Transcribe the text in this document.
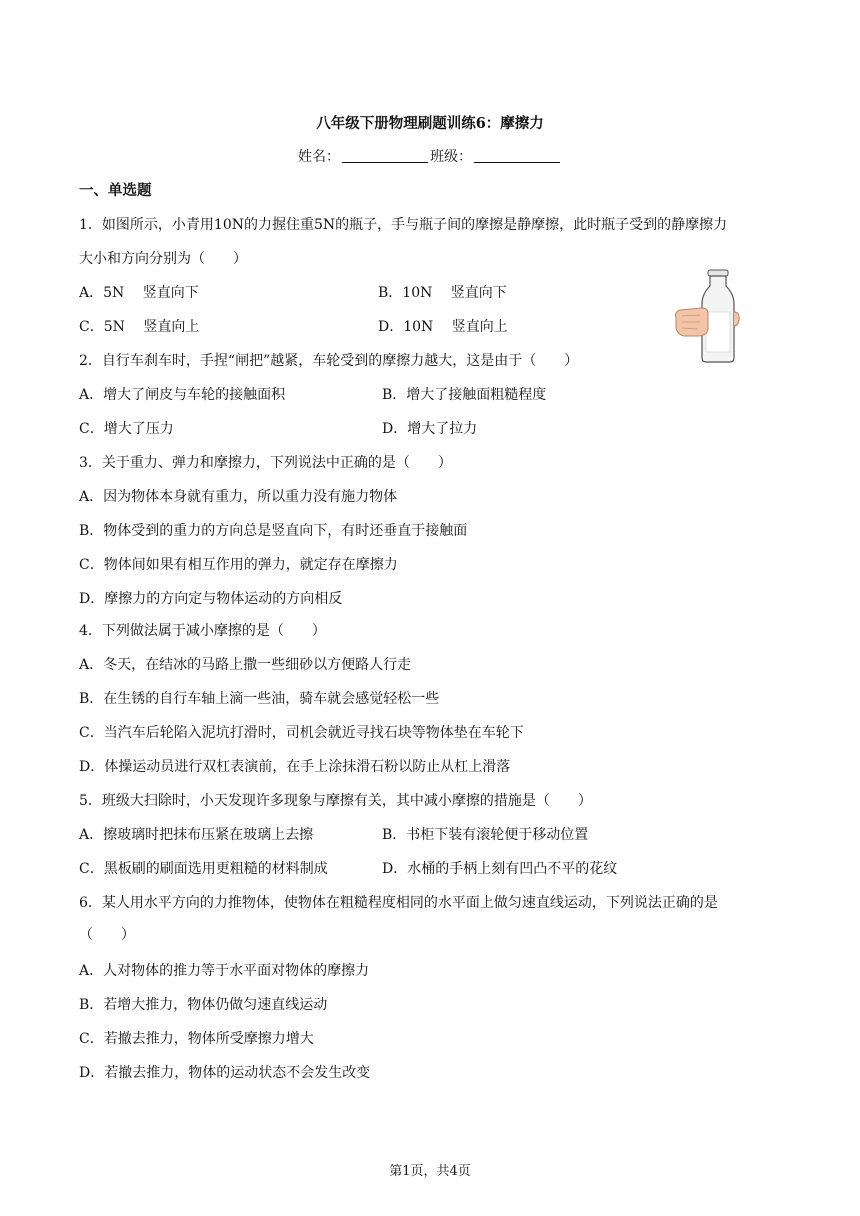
八年级下册物理刷题训练6：摩擦力
姓名：	班级：
一、单选题
1．如图所示，小青用10N的力握住重5N的瓶子，手与瓶子间的摩擦是静摩擦，此时瓶子受到的静摩擦力
大小和方向分别为（　　）
A．5N　 竖直向下	B．10N　 竖直向下
C．5N　 竖直向上	D．10N　 竖直向上
2．自行车刹车时，手捏“闸把”越紧，车轮受到的摩擦力越大，这是由于（　　）
A．增大了闸皮与车轮的接触面积	B．增大了接触面粗糙程度
C．增大了压力	D．增大了拉力
3．关于重力、弹力和摩擦力，下列说法中正确的是（　　）
A．因为物体本身就有重力，所以重力没有施力物体
B．物体受到的重力的方向总是竖直向下，有时还垂直于接触面
C．物体间如果有相互作用的弹力，就定存在摩擦力
D．摩擦力的方向定与物体运动的方向相反
4．下列做法属于减小摩擦的是（　　）
A．冬天，在结冰的马路上撒一些细砂以方便路人行走
B．在生锈的自行车轴上滴一些油，骑车就会感觉轻松一些
C．当汽车后轮陷入泥坑打滑时，司机会就近寻找石块等物体垫在车轮下
D．体操运动员进行双杠表演前，在手上涂抹滑石粉以防止从杠上滑落
5．班级大扫除时，小天发现许多现象与摩擦有关，其中减小摩擦的措施是（　　）
A．擦玻璃时把抹布压紧在玻璃上去擦	B．书柜下装有滚轮便于移动位置
C．黑板刷的刷面选用更粗糙的材料制成	D．水桶的手柄上刻有凹凸不平的花纹
6．某人用水平方向的力推物体，使物体在粗糙程度相同的水平面上做匀速直线运动，下列说法正确的是
（　　）
A．人对物体的推力等于水平面对物体的摩擦力
B．若增大推力，物体仍做匀速直线运动
C．若撤去推力，物体所受摩擦力增大
D．若撤去推力，物体的运动状态不会发生改变
第1页，共4页
